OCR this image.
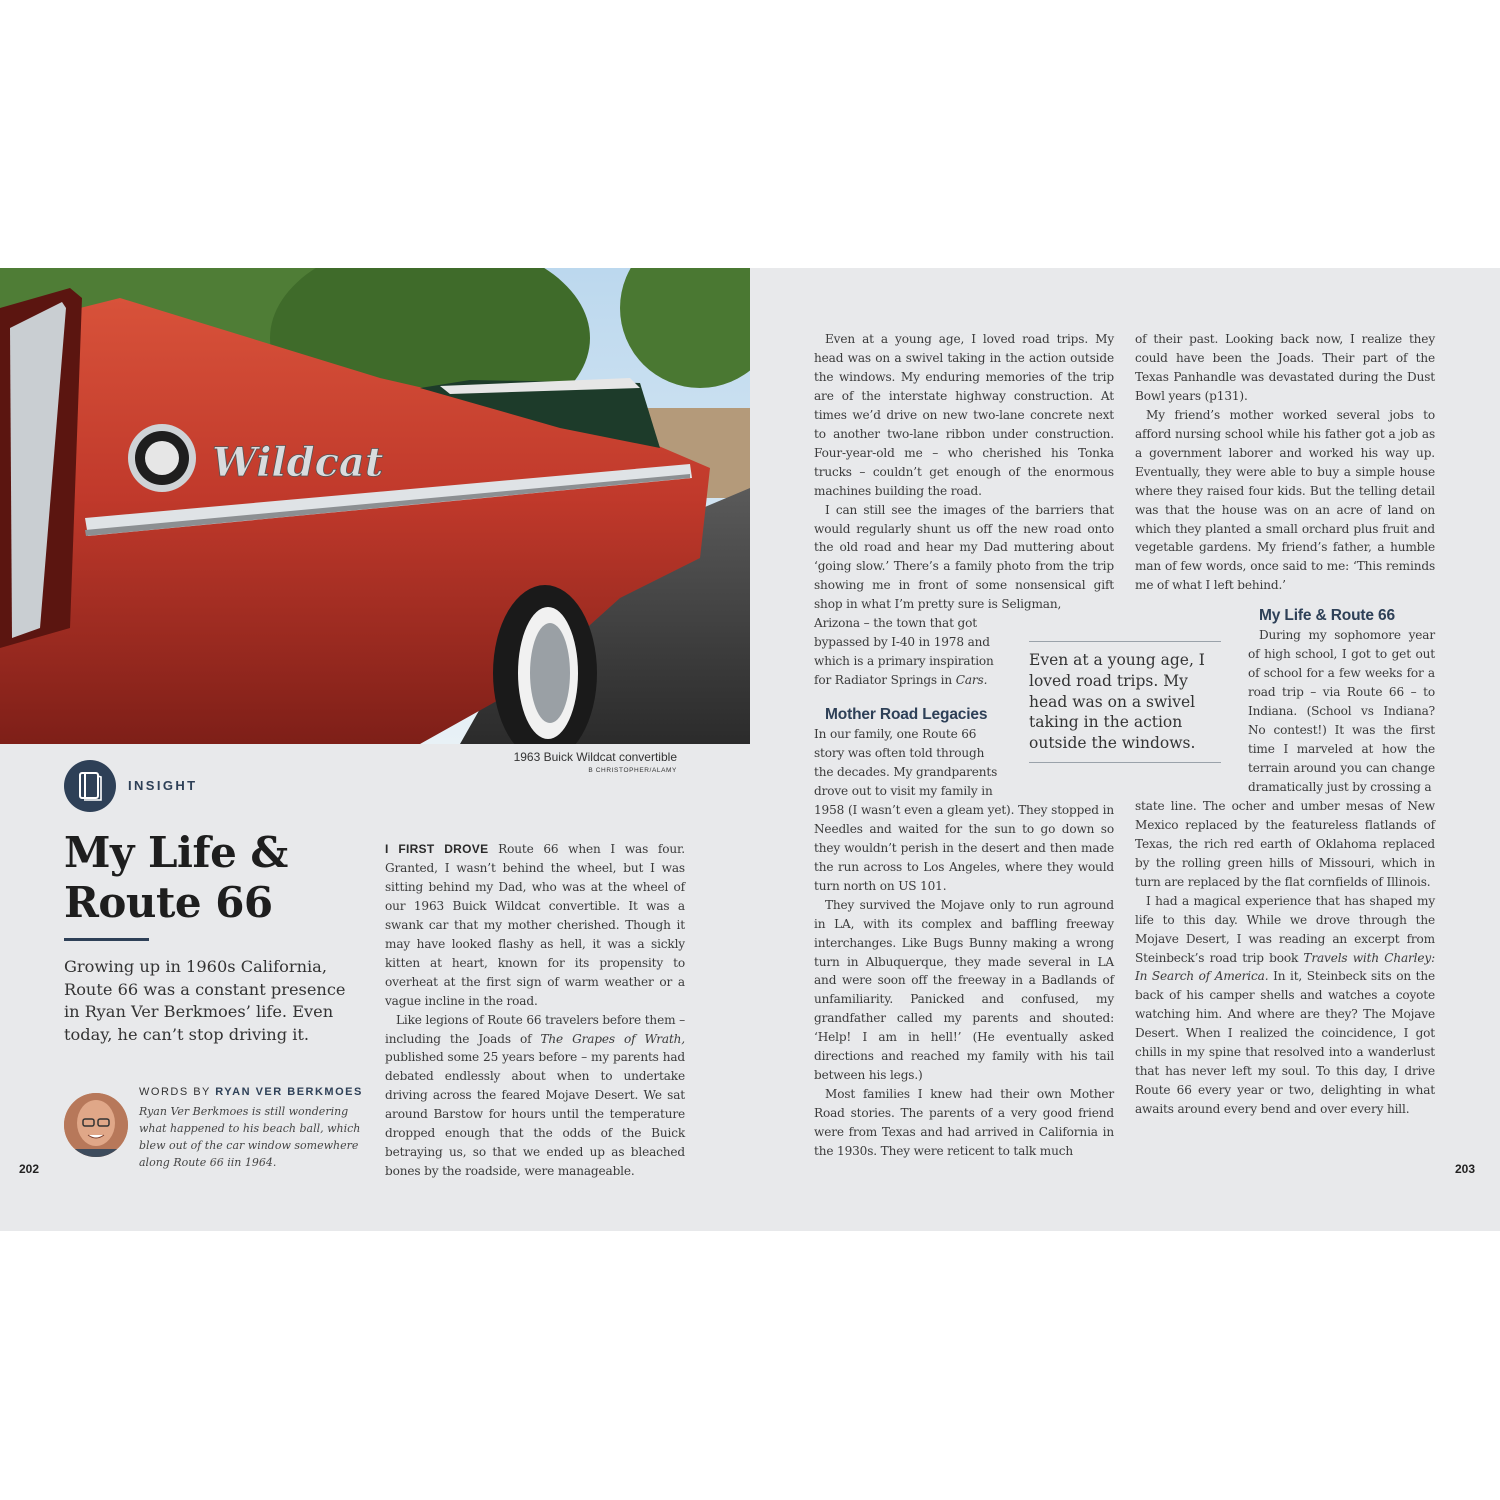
Wildcat
1963 Buick Wildcat convertible
B CHRISTOPHER/ALAMY
INSIGHT
My Life &
Route 66
Growing up in 1960s California, Route 66 was a constant presence in Ryan Ver Berkmoes’ life. Even today, he can’t stop driving it.
WORDS BY RYAN VER BERKMOES
Ryan Ver Berkmoes is still wondering what happened to his beach ball, which blew out of the car window somewhere along Route 66 iin 1964.
202	203

I FIRST DROVE Route 66 when I was four. Granted, I wasn’t behind the wheel, but I was sitting behind my Dad, who was at the wheel of our 1963 Buick Wildcat convertible. It was a swank car that my mother cherished. Though it may have looked flashy as hell, it was a sickly kitten at heart, known for its propensity to overheat at the first sign of warm weather or a vague incline in the road.

Like legions of Route 66 travelers before them – including the Joads of The Grapes of Wrath, published some 25 years before – my parents had debated endlessly about when to undertake driving across the feared Mojave Desert. We sat around Barstow for hours until the temperature dropped enough that the odds of the Buick betraying us, so that we ended up as bleached bones by the roadside, were manageable.

Even at a young age, I loved road trips. My head was on a swivel taking in the action outside the windows. My enduring memories of the trip are of the interstate highway construction. At times we’d drive on new two-lane concrete next to another two-lane ribbon under construction. Four-year-old me – who cherished his Tonka trucks – couldn’t get enough of the enormous machines building the road.

I can still see the images of the barriers that would regularly shunt us off the new road onto the old road and hear my Dad muttering about ‘going slow.’ There’s a family photo from the trip showing me in front of some nonsensical gift shop in what I’m pretty sure is Seligman,

Arizona – the town that got bypassed by I-40 in 1978 and which is a primary inspiration for Radiator Springs in Cars.

Mother Road Legacies

In our family, one Route 66 story was often told through the decades. My grandparents drove out to visit my family in

1958 (I wasn’t even a gleam yet). They stopped in Needles and waited for the sun to go down so they wouldn’t perish in the desert and then made the run across to Los Angeles, where they would turn north on US 101.

They survived the Mojave only to run aground in LA, with its complex and baffling freeway interchanges. Like Bugs Bunny making a wrong turn in Albuquerque, they made several in LA and were soon off the freeway in a Badlands of unfamiliarity. Panicked and confused, my grandfather called my parents and shouted: ‘Help! I am in hell!’ (He eventually asked directions and reached my family with his tail between his legs.)

Most families I knew had their own Mother Road stories. The parents of a very good friend were from Texas and had arrived in California in the 1930s. They were reticent to talk much

Even at a young age, I loved road trips. My head was on a swivel taking in the action outside the windows.

of their past. Looking back now, I realize they could have been the Joads. Their part of the Texas Panhandle was devastated during the Dust Bowl years (p131).

My friend’s mother worked several jobs to afford nursing school while his father got a job as a government laborer and worked his way up. Eventually, they were able to buy a simple house where they raised four kids. But the telling detail was that the house was on an acre of land on which they planted a small orchard plus fruit and vegetable gardens. My friend’s father, a humble man of few words, once said to me: ‘This reminds me of what I left behind.’

My Life & Route 66

During my sophomore year of high school, I got to get out of school for a few weeks for a road trip – via Route 66 – to Indiana. (School vs Indiana? No contest!) It was the first time I marveled at how the terrain around you can change dramatically just by crossing a

state line. The ocher and umber mesas of New Mexico replaced by the featureless flatlands of Texas, the rich red earth of Oklahoma replaced by the rolling green hills of Missouri, which in turn are replaced by the flat cornfields of Illinois.

I had a magical experience that has shaped my life to this day. While we drove through the Mojave Desert, I was reading an excerpt from Steinbeck’s road trip book Travels with Charley: In Search of America. In it, Steinbeck sits on the back of his camper shells and watches a coyote watching him. And where are they? The Mojave Desert. When I realized the coincidence, I got chills in my spine that resolved into a wanderlust that has never left my soul. To this day, I drive Route 66 every year or two, delighting in what awaits around every bend and over every hill.
